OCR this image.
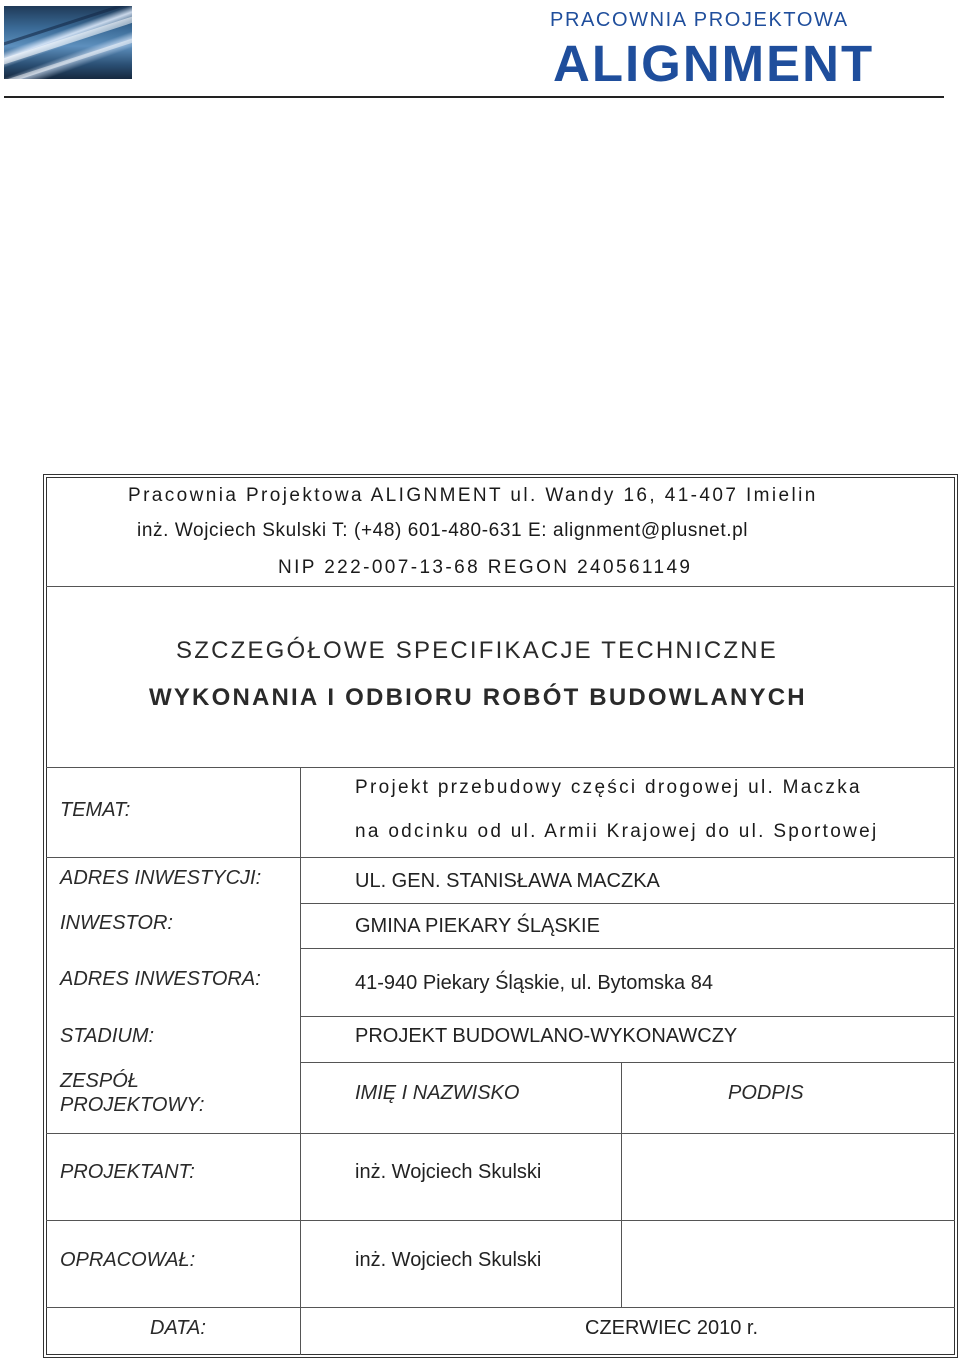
PRACOWNIA PROJEKTOWA
ALIGNMENT
Pracownia Projektowa ALIGNMENT ul. Wandy 16, 41-407 Imielin
inż. Wojciech Skulski T: (+48) 601-480-631 E: alignment@plusnet.pl
NIP 222-007-13-68 REGON 240561149
SZCZEGÓŁOWE SPECIFIKACJE TECHNICZNE
WYKONANIA I ODBIORU ROBÓT BUDOWLANYCH
TEMAT:
Projekt przebudowy części drogowej ul. Maczka
na odcinku od ul. Armii Krajowej do ul. Sportowej
ADRES INWESTYCJI:	UL. GEN. STANISŁAWA MACZKA
INWESTOR:	GMINA PIEKARY ŚLĄSKIE
ADRES INWESTORA:	41-940 Piekary Śląskie, ul. Bytomska 84
STADIUM:	PROJEKT BUDOWLANO-WYKONAWCZY
ZESPÓŁ
PROJEKTOWY:
IMIĘ I NAZWISKO	PODPIS
PROJEKTANT:	inż. Wojciech Skulski
OPRACOWAŁ:	inż. Wojciech Skulski
DATA:	CZERWIEC 2010 r.
